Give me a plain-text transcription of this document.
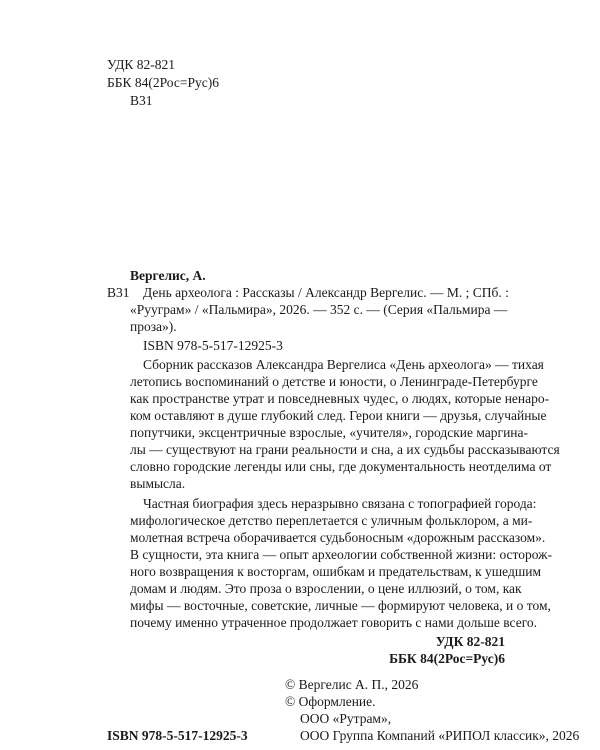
УДК 82-821
ББК 84(2Рос=Рус)6
В31
Вергелис, А.
В31 День археолога : Рассказы / Александр Вергелис. — М. ; СПб. :
«Рууграм» / «Пальмира», 2026. — 352 с. — (Серия «Пальмира —
проза»).
ISBN 978-5-517-12925-3
Сборник рассказов Александра Вергелиса «День археолога» — тихая
летопись воспоминаний о детстве и юности, о Ленинграде-Петербурге
как пространстве утрат и повседневных чудес, о людях, которые ненаро-
ком оставляют в душе глубокий след. Герои книги — друзья, случайные
попутчики, эксцентричные взрослые, «учителя», городские маргина-
лы — существуют на грани реальности и сна, а их судьбы рассказываются
словно городские легенды или сны, где документальность неотделима от
вымысла.
Частная биография здесь неразрывно связана с топографией города:
мифологическое детство переплетается с уличным фольклором, а ми-
молетная встреча оборачивается судьбоносным «дорожным рассказом».
В сущности, эта книга — опыт археологии собственной жизни: осторож-
ного возвращения к восторгам, ошибкам и предательствам, к ушедшим
домам и людям. Это проза о взрослении, о цене иллюзий, о том, как
мифы — восточные, советские, личные — формируют человека, и о том,
почему именно утраченное продолжает говорить с нами дольше всего.
УДК 82-821
ББК 84(2Рос=Рус)6
© Вергелис А. П., 2026
© Оформление.
ООО «Рутрам»,
ООО Группа Компаний «РИПОЛ классик», 2026
ISBN 978-5-517-12925-3
